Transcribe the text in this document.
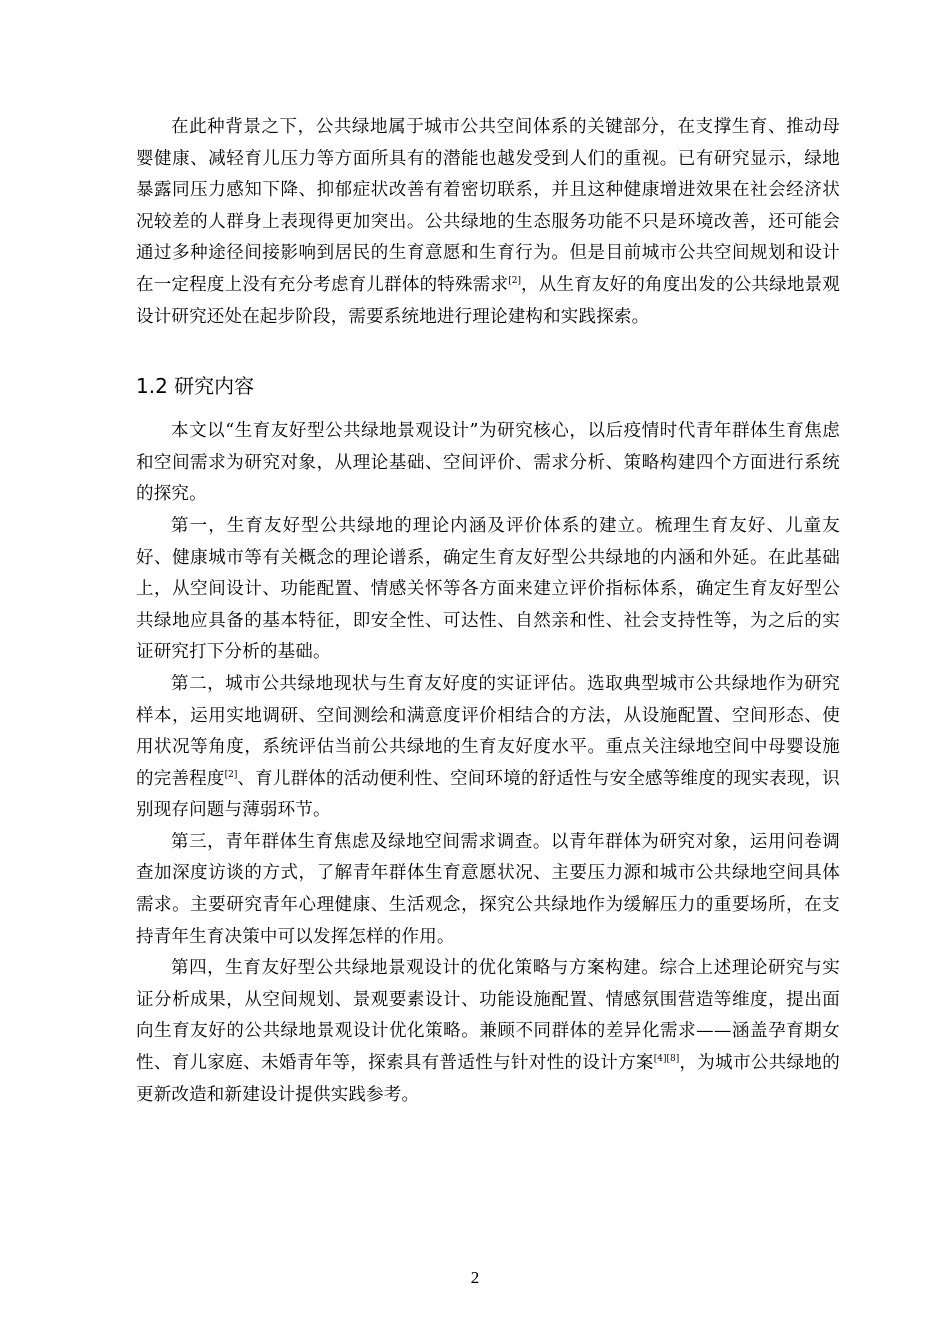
在此种背景之下，公共绿地属于城市公共空间体系的关键部分，在支撑生育、推动母婴健康、减轻育儿压力等方面所具有的潜能也越发受到人们的重视。已有研究显示，绿地暴露同压力感知下降、抑郁症状改善有着密切联系，并且这种健康增进效果在社会经济状况较差的人群身上表现得更加突出。公共绿地的生态服务功能不只是环境改善，还可能会通过多种途径间接影响到居民的生育意愿和生育行为。但是目前城市公共空间规划和设计在一定程度上没有充分考虑育儿群体的特殊需求[2]，从生育友好的角度出发的公共绿地景观设计研究还处在起步阶段，需要系统地进行理论建构和实践探索。

1.2 研究内容

本文以“生育友好型公共绿地景观设计”为研究核心，以后疫情时代青年群体生育焦虑和空间需求为研究对象，从理论基础、空间评价、需求分析、策略构建四个方面进行系统的探究。

第一，生育友好型公共绿地的理论内涵及评价体系的建立。梳理生育友好、儿童友好、健康城市等有关概念的理论谱系，确定生育友好型公共绿地的内涵和外延。在此基础上，从空间设计、功能配置、情感关怀等各方面来建立评价指标体系，确定生育友好型公共绿地应具备的基本特征，即安全性、可达性、自然亲和性、社会支持性等，为之后的实证研究打下分析的基础。

第二，城市公共绿地现状与生育友好度的实证评估。选取典型城市公共绿地作为研究样本，运用实地调研、空间测绘和满意度评价相结合的方法，从设施配置、空间形态、使用状况等角度，系统评估当前公共绿地的生育友好度水平。重点关注绿地空间中母婴设施的完善程度[2]、育儿群体的活动便利性、空间环境的舒适性与安全感等维度的现实表现，识别现存问题与薄弱环节。

第三，青年群体生育焦虑及绿地空间需求调查。以青年群体为研究对象，运用问卷调查加深度访谈的方式，了解青年群体生育意愿状况、主要压力源和城市公共绿地空间具体需求。主要研究青年心理健康、生活观念，探究公共绿地作为缓解压力的重要场所，在支持青年生育决策中可以发挥怎样的作用。

第四，生育友好型公共绿地景观设计的优化策略与方案构建。综合上述理论研究与实证分析成果，从空间规划、景观要素设计、功能设施配置、情感氛围营造等维度，提出面向生育友好的公共绿地景观设计优化策略。兼顾不同群体的差异化需求——涵盖孕育期女性、育儿家庭、未婚青年等，探索具有普适性与针对性的设计方案[4][8]，为城市公共绿地的更新改造和新建设计提供实践参考。

2
